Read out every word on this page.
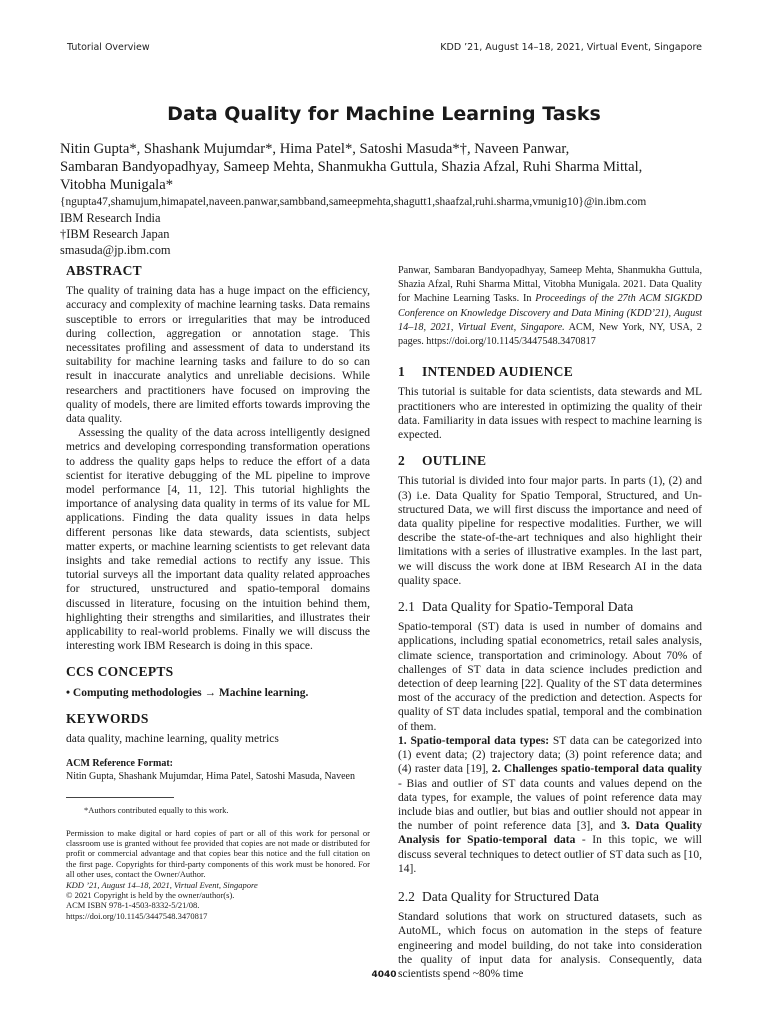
Tutorial Overview	KDD ’21, August 14–18, 2021, Virtual Event, Singapore
Data Quality for Machine Learning Tasks

Nitin Gupta*, Shashank Mujumdar*, Hima Patel*, Satoshi Masuda*†, Naveen Panwar,

Sambaran Bandyopadhyay, Sameep Mehta, Shanmukha Guttula, Shazia Afzal, Ruhi Sharma Mittal,

Vitobha Munigala*

{ngupta47,shamujum,himapatel,naveen.panwar,sambband,sameepmehta,shagutt1,shaafzal,ruhi.sharma,vmunig10}@in.ibm.com

IBM Research India

†IBM Research Japan

smasuda@jp.ibm.com

ABSTRACT

The quality of training data has a huge impact on the efficiency, accuracy and complexity of machine learning tasks. Data remains susceptible to errors or irregularities that may be introduced during collection, aggregation or annotation stage. This necessitates profiling and assessment of data to understand its suitability for machine learning tasks and failure to do so can result in inaccurate analytics and unreliable decisions. While researchers and practitioners have focused on improving the quality of models, there are limited efforts towards improving the data quality.

Assessing the quality of the data across intelligently designed metrics and developing corresponding transformation operations to address the quality gaps helps to reduce the effort of a data scientist for iterative debugging of the ML pipeline to improve model performance [4, 11, 12]. This tutorial highlights the importance of analysing data quality in terms of its value for ML applications. Finding the data quality issues in data helps different personas like data stewards, data scientists, subject matter experts, or machine learning scientists to get relevant data insights and take remedial actions to rectify any issue. This tutorial surveys all the important data quality related approaches for structured, unstructured and spatio-temporal domains discussed in literature, focusing on the intuition behind them, highlighting their strengths and similarities, and illustrates their applicability to real-world problems. Finally we will discuss the interesting work IBM Research is doing in this space.

CCS CONCEPTS

• Computing methodologies → Machine learning.

KEYWORDS

data quality, machine learning, quality metrics

ACM Reference Format:

Nitin Gupta, Shashank Mujumdar, Hima Patel, Satoshi Masuda, Naveen

*Authors contributed equally to this work.

Permission to make digital or hard copies of part or all of this work for personal or classroom use is granted without fee provided that copies are not made or distributed for profit or commercial advantage and that copies bear this notice and the full citation on the first page. Copyrights for third-party components of this work must be honored. For all other uses, contact the Owner/Author.

KDD ’21, August 14–18, 2021, Virtual Event, Singapore

© 2021 Copyright is held by the owner/author(s).

ACM ISBN 978-1-4503-8332-5/21/08.

https://doi.org/10.1145/3447548.3470817

Panwar, Sambaran Bandyopadhyay, Sameep Mehta, Shanmukha Guttula, Shazia Afzal, Ruhi Sharma Mittal, Vitobha Munigala. 2021. Data Quality for Machine Learning Tasks. In Proceedings of the 27th ACM SIGKDD Conference on Knowledge Discovery and Data Mining (KDD’21), August 14–18, 2021, Virtual Event, Singapore. ACM, New York, NY, USA, 2 pages. https://doi.org/10.1145/3447548.3470817

1 INTENDED AUDIENCE

This tutorial is suitable for data scientists, data stewards and ML practitioners who are interested in optimizing the quality of their data. Familiarity in data issues with respect to machine learning is expected.

2 OUTLINE

This tutorial is divided into four major parts. In parts (1), (2) and (3) i.e. Data Quality for Spatio Temporal, Structured, and Un-structured Data, we will first discuss the importance and need of data quality pipeline for respective modalities. Further, we will describe the state-of-the-art techniques and also highlight their limitations with a series of illustrative examples. In the last part, we will discuss the work done at IBM Research AI in the data quality space.

2.1 Data Quality for Spatio-Temporal Data

Spatio-temporal (ST) data is used in number of domains and applications, including spatial econometrics, retail sales analysis, climate science, transportation and criminology. About 70% of challenges of ST data in data science includes prediction and detection of deep learning [22]. Quality of the ST data determines most of the accuracy of the prediction and detection. Aspects for quality of ST data includes spatial, temporal and the combination of them.

1. Spatio-temporal data types: ST data can be categorized into (1) event data; (2) trajectory data; (3) point reference data; and (4) raster data [19], 2. Challenges spatio-temporal data quality - Bias and outlier of ST data counts and values depend on the data types, for example, the values of point reference data may include bias and outlier, but bias and outlier should not appear in the number of point reference data [3], and 3. Data Quality Analysis for Spatio-temporal data - In this topic, we will discuss several techniques to detect outlier of ST data such as [10, 14].

2.2 Data Quality for Structured Data

Standard solutions that work on structured datasets, such as AutoML, which focus on automation in the steps of feature engineering and model building, do not take into consideration the quality of input data for analysis. Consequently, data scientists spend ~80% time

4040
